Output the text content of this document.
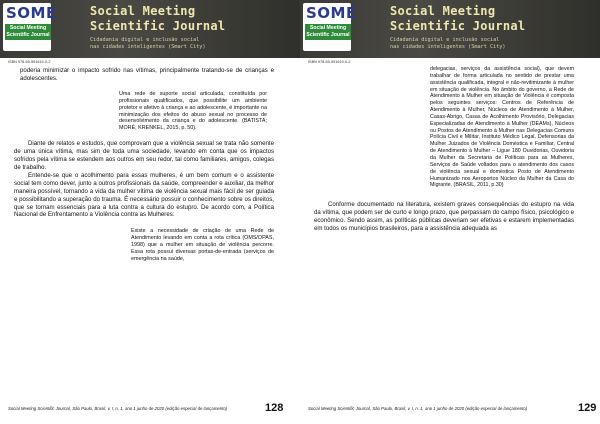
SOME
Social Meeting Scientific Journal
Social Meeting
Scientific Journal
Cidadania digital e inclusão social
nas cidades inteligentes (Smart City)
ISBN 978-65-991619-0-2

poderia minimizar o impacto sofrido nas vítimas, principalmente tratando-se de crianças e adolescentes.

Uma rede de suporte social articulada, constituída por profissionais qualificados, que possibilite um ambiente protetor e afetivo à criança e ao adolescente, é importante na minimização dos efeitos do abuso sexual no processo de desenvolvimento da criança e do adolescente. (BATISTA; MORÉ; KRENKEL, 2015, p. 50).

Diante de relatos e estudos, que comprovam que a violência sexual se trata não somente de uma única vítima, mas sim de toda uma sociedade, levando em conta que os impactos sofridos pela vítima se estendem aos outros em seu redor, tal como familiares, amigos, colegas de trabalho.

Entende-se que o acolhimento para essas mulheres, é um bem comum e o assistente social tem como dever, junto a outros profissionais da saúde, compreender e auxiliar, da melhor maneira possível, tornando a vida da mulher vítima de violência sexual mais fácil de ser guiada e possibilitando a superação do trauma. É necessário possuir o conhecimento sobre os direitos, que se tornam essenciais para a luta contra a cultura do estupro. De acordo com, a Política Nacional de Enfrentamento a Violência contra as Mulheres:

Existe a necessidade de criação de uma Rede de Atendimento levando em conta a rota crítica (OMS/OPAS, 1998) que a mulher em situação de violência percorre. Essa rota possui diversas portas-de-entrada (serviços de emergência na saúde,

Social Meeting Scientific Journal, São Paulo, Brasil, v. I, n. 1, ano 1 junho de 2020 (edição especial de lançamento)	128
SOME
Social Meeting Scientific Journal
Social Meeting
Scientific Journal
Cidadania digital e inclusão social
nas cidades inteligentes (Smart City)
ISBN 978-65-991619-0-2

delegacias, serviços da assistência social), que devem trabalhar de forma articulada no sentido de prestar uma assistência qualificada, integral e não-revitimizante à mulher em situação de violência. No âmbito do governo, a Rede de Atendimento à Mulher em situação de Violência é composta pelos seguintes serviços: Centros de Referência de Atendimento à Mulher, Núcleos de Atendimento à Mulher, Casas-Abrigo, Casas de Acolhimento Provisório, Delegacias Especializadas de Atendimento à Mulher (DEAMs), Núcleos ou Postos de Atendimento à Mulher nas Delegacias Comuns Polícia Civil e Militar, Instituto Médico Legal, Defensorias da Mulher Juizados de Violência Doméstica e Familiar, Central de Atendimento à Mulher – Ligue 180 Ouvidorias, Ouvidoria da Mulher da Secretaria de Políticas para as Mulheres, Serviços de Saúde voltados para o atendimento dos casos de violência sexual e doméstica Posto de Atendimento Humanizado nos Aeroportos Núcleo da Mulher da Casa do Migrante. (BRASIL, 2011, p.30)

Conforme documentado na literatura, existem graves consequências do estupro na vida da vítima, que podem ser de curto e longo prazo, que perpassam do campo físico, psicológico e econômico. Sendo assim, as políticas públicas deveriam ser efetivas e estarem implementadas em todos os municípios brasileiros, para a assistência adequada as

Social Meeting Scientific Journal, São Paulo, Brasil, v. I, n. 1, ano 1 junho de 2020 (edição especial de lançamento)	129
